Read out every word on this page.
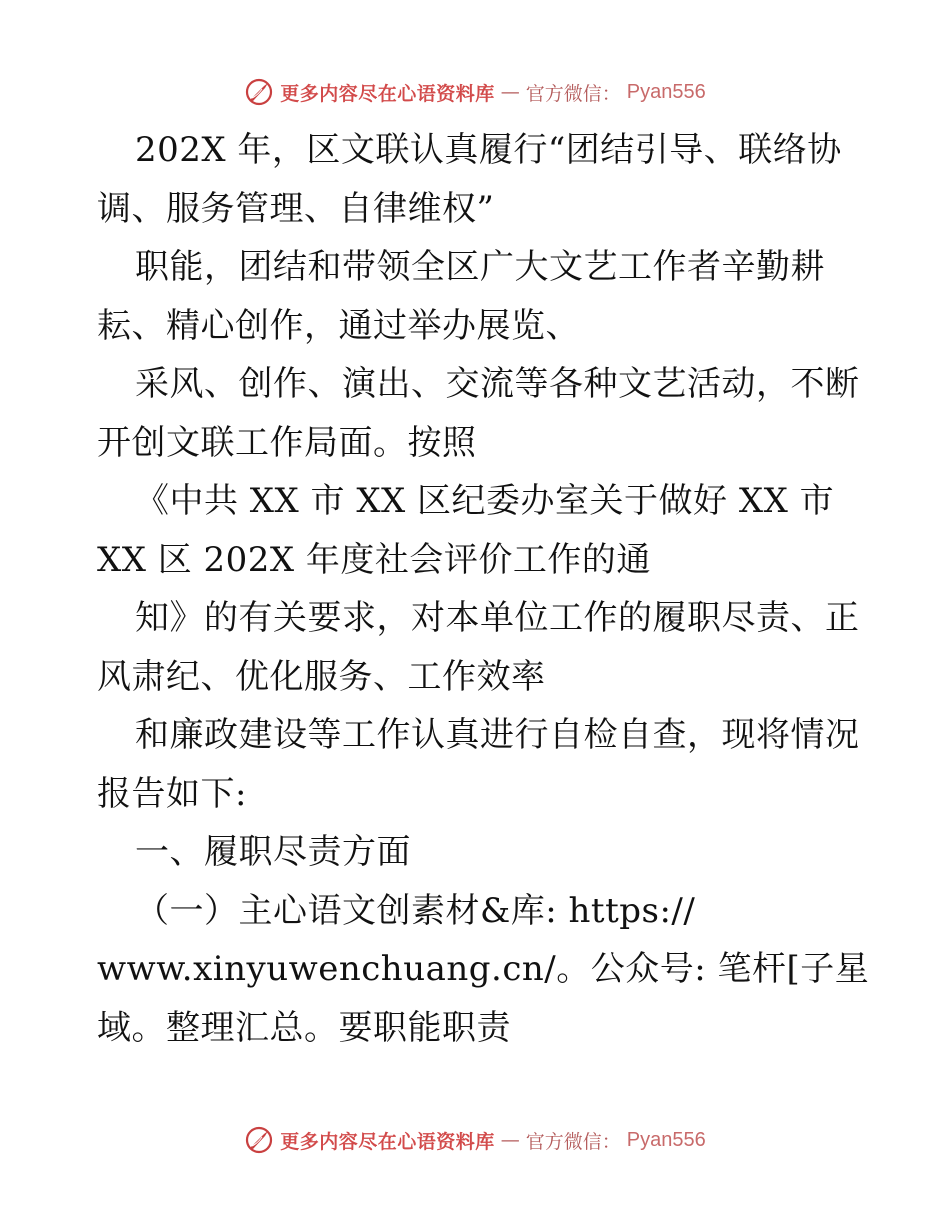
更多内容尽在心语资料库 — 官方微信： Pyan556
202X 年，区文联认真履行“团结引导、联络协
调、服务管理、自律维权”
职能，团结和带领全区广大文艺工作者辛勤耕
耘、精心创作，通过举办展览、
采风、创作、演出、交流等各种文艺活动，不断
开创文联工作局面。按照
《中共 XX 市 XX 区纪委办室关于做好 XX 市
XX 区 202X 年度社会评价工作的通
知》的有关要求，对本单位工作的履职尽责、正
风肃纪、优化服务、工作效率
和廉政建设等工作认真进行自检自查，现将情况
报告如下:
一、履职尽责方面
（一）主心语文创素材&库: https://
www.xinyuwenchuang.cn/。公众号: 笔杆[子星
域。整理汇总。要职能职责
更多内容尽在心语资料库 — 官方微信： Pyan556
